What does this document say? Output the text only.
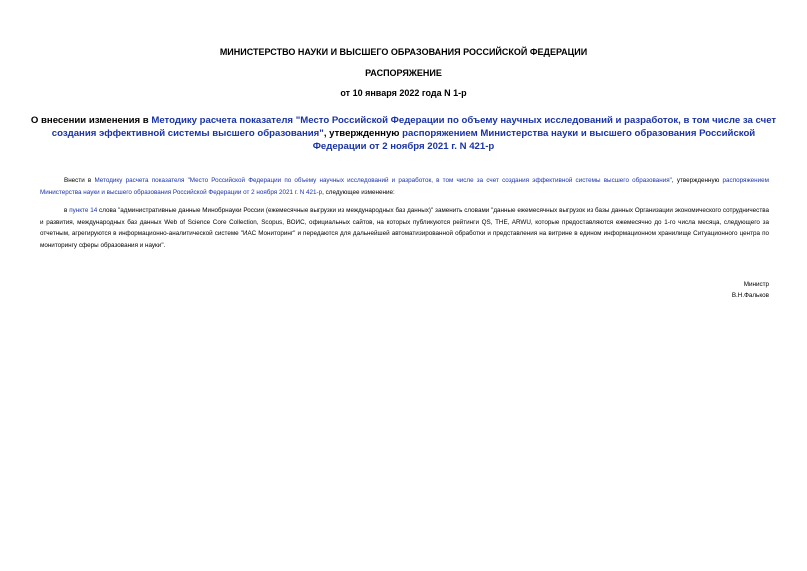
МИНИСТЕРСТВО НАУКИ И ВЫСШЕГО ОБРАЗОВАНИЯ РОССИЙСКОЙ ФЕДЕРАЦИИ
РАСПОРЯЖЕНИЕ
от 10 января 2022 года N 1-р
О внесении изменения в Методику расчета показателя "Место Российской Федерации по объему научных исследований и разработок, в том числе за счет создания эффективной системы высшего образования", утвержденную распоряжением Министерства науки и высшего образования Российской Федерации от 2 ноября 2021 г. N 421-р
Внести в Методику расчета показателя "Место Российской Федерации по объему научных исследований и разработок, в том числе за счет создания эффективной системы высшего образования", утвержденную распоряжением Министерства науки и высшего образования Российской Федерации от 2 ноября 2021 г. N 421-р, следующее изменение:
в пункте 14 слова "административные данные Минобрнауки России (ежемесячные выгрузки из международных баз данных)" заменить словами "данные ежемесячных выгрузок из базы данных Организации экономического сотрудничества и развития, международных баз данных Web of Science Core Collection, Scopus, ВОИС, официальных сайтов, на которых публикуются рейтинги QS, THE, ARWU, которые предоставляются ежемесячно до 1-го числа месяца, следующего за отчетным, агрегируются в информационно-аналитической системе "ИАС Мониторинг" и передаются для дальнейшей автоматизированной обработки и представления на витрине в едином информационном хранилище Ситуационного центра по мониторингу сферы образования и науки".
Министр
В.Н.Фальков
